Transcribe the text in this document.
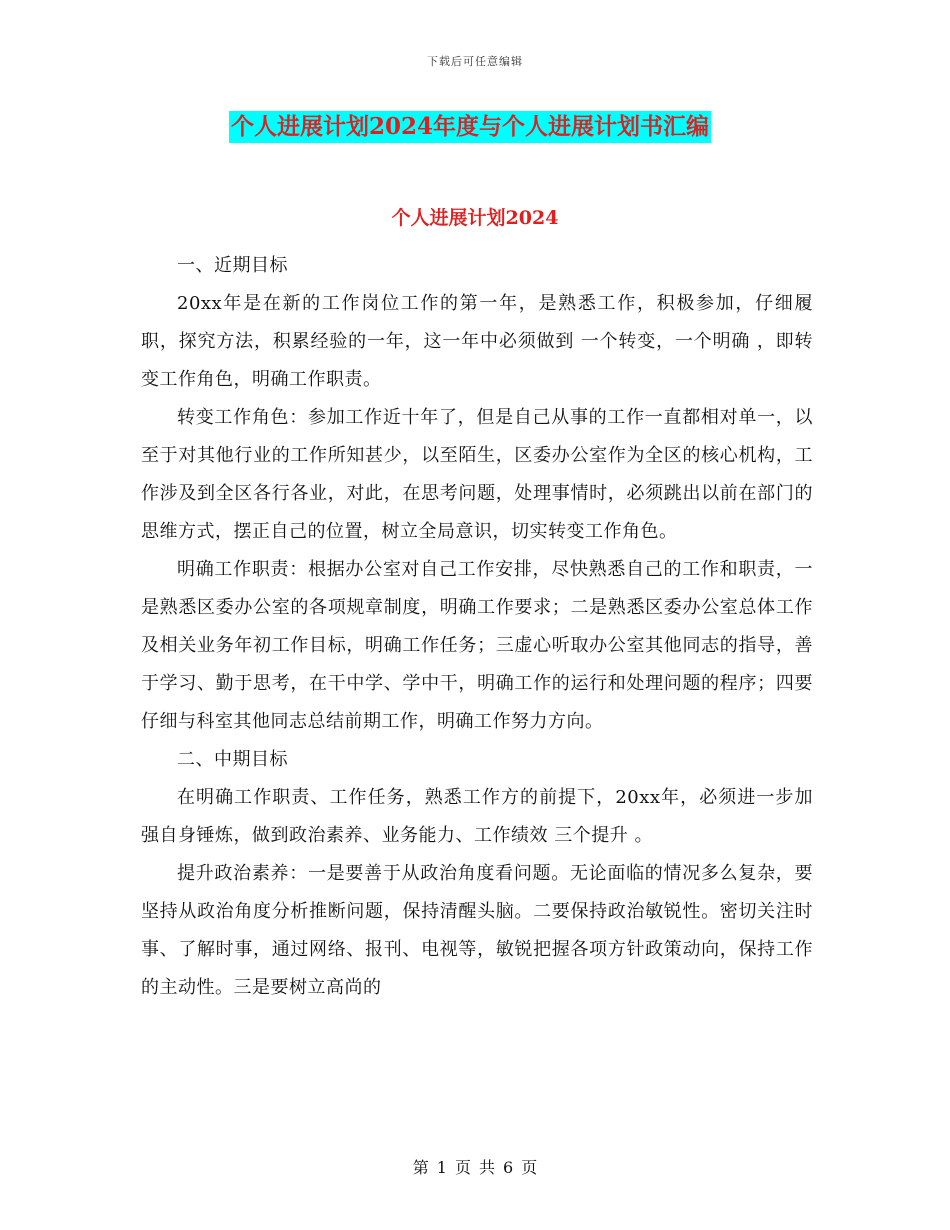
下载后可任意编辑
个人进展计划2024年度与个人进展计划书汇编
个人进展计划2024

一、近期目标

20xx年是在新的工作岗位工作的第一年，是熟悉工作，积极参加，仔细履职，探究方法，积累经验的一年，这一年中必须做到 一个转变，一个明确 ，即转变工作角色，明确工作职责。

转变工作角色：参加工作近十年了，但是自己从事的工作一直都相对单一，以至于对其他行业的工作所知甚少，以至陌生，区委办公室作为全区的核心机构，工作涉及到全区各行各业，对此，在思考问题，处理事情时，必须跳出以前在部门的思维方式，摆正自己的位置，树立全局意识，切实转变工作角色。

明确工作职责：根据办公室对自己工作安排，尽快熟悉自己的工作和职责，一是熟悉区委办公室的各项规章制度，明确工作要求；二是熟悉区委办公室总体工作及相关业务年初工作目标，明确工作任务；三虚心听取办公室其他同志的指导，善于学习、勤于思考，在干中学、学中干，明确工作的运行和处理问题的程序；四要仔细与科室其他同志总结前期工作，明确工作努力方向。

二、中期目标

在明确工作职责、工作任务，熟悉工作方的前提下，20xx年，必须进一步加强自身锤炼，做到政治素养、业务能力、工作绩效 三个提升 。

提升政治素养：一是要善于从政治角度看问题。无论面临的情况多么复杂，要坚持从政治角度分析推断问题，保持清醒头脑。二要保持政治敏锐性。密切关注时事、了解时事，通过网络、报刊、电视等，敏锐把握各项方针政策动向，保持工作的主动性。三是要树立高尚的

第 1 页 共 6 页
